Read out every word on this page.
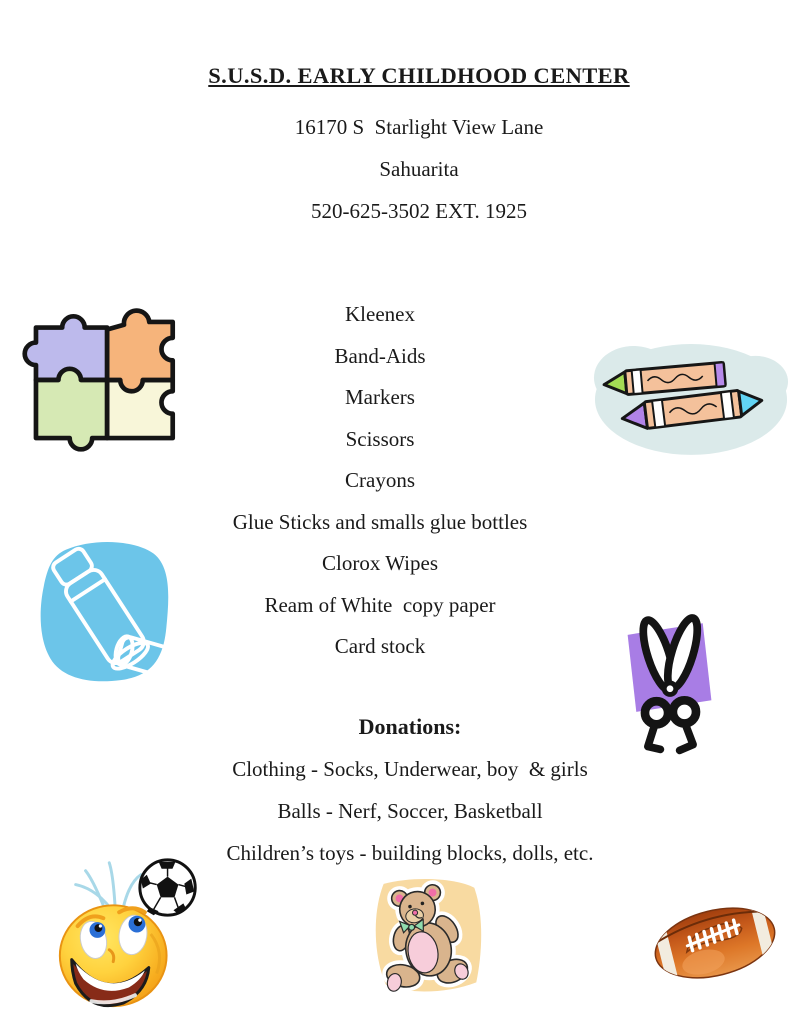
S.U.S.D. EARLY CHILDHOOD CENTER
16170 S  Starlight View Lane
Sahuarita
520-625-3502 EXT. 1925
Kleenex
Band-Aids
Markers
Scissors
Crayons
Glue Sticks and smalls glue bottles
Clorox Wipes
Ream of White  copy paper
Card stock
Donations:
Clothing - Socks, Underwear, boy  & girls
Balls - Nerf, Soccer, Basketball
Children’s toys - building blocks, dolls, etc.
